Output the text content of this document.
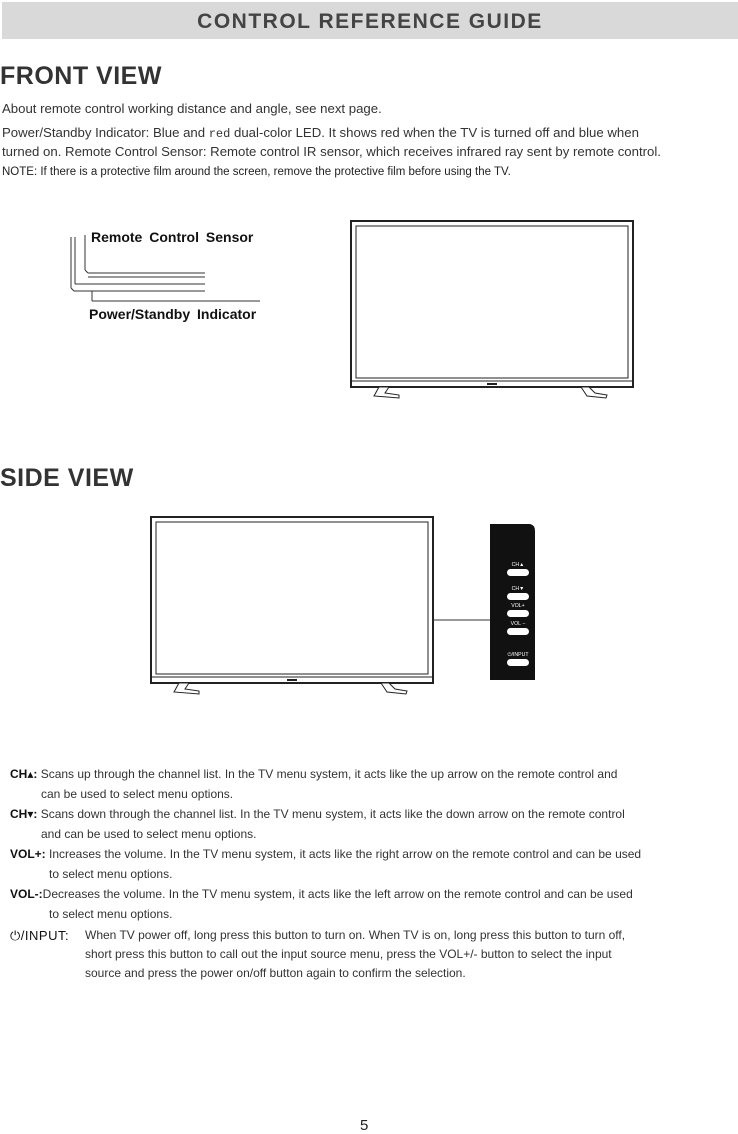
CONTROL REFERENCE GUIDE
FRONT VIEW

About remote control working distance and angle, see next page.

Power/Standby Indicator: Blue and red dual-color LED. It shows red when the TV is turned off and blue when

turned on. Remote Control Sensor: Remote control IR sensor, which receives infrared ray sent by remote control.

NOTE: If there is a protective film around the screen, remove the protective film before using the TV.

Remote Control Sensor
Power/Standby Indicator
SIDE VIEW
CH▲
CH▼
VOL+
VOL −
⏻/INPUT
CH▴: Scans up through the channel list. In the TV menu system, it acts like the up arrow on the remote control and
can be used to select menu options.
CH▾: Scans down through the channel list. In the TV menu system, it acts like the down arrow on the remote control
and can be used to select menu options.
VOL+: Increases the volume. In the TV menu system, it acts like the right arrow on the remote control and can be used
to select menu options.
VOL-:Decreases the volume. In the TV menu system, it acts like the left arrow on the remote control and can be used
to select menu options.
⏻/INPUT:	When TV power off, long press this button to turn on. When TV is on, long press this button to turn off,
short press this button to call out the input source menu, press the VOL+/- button to select the input
source and press the power on/off button again to confirm the selection.
5
